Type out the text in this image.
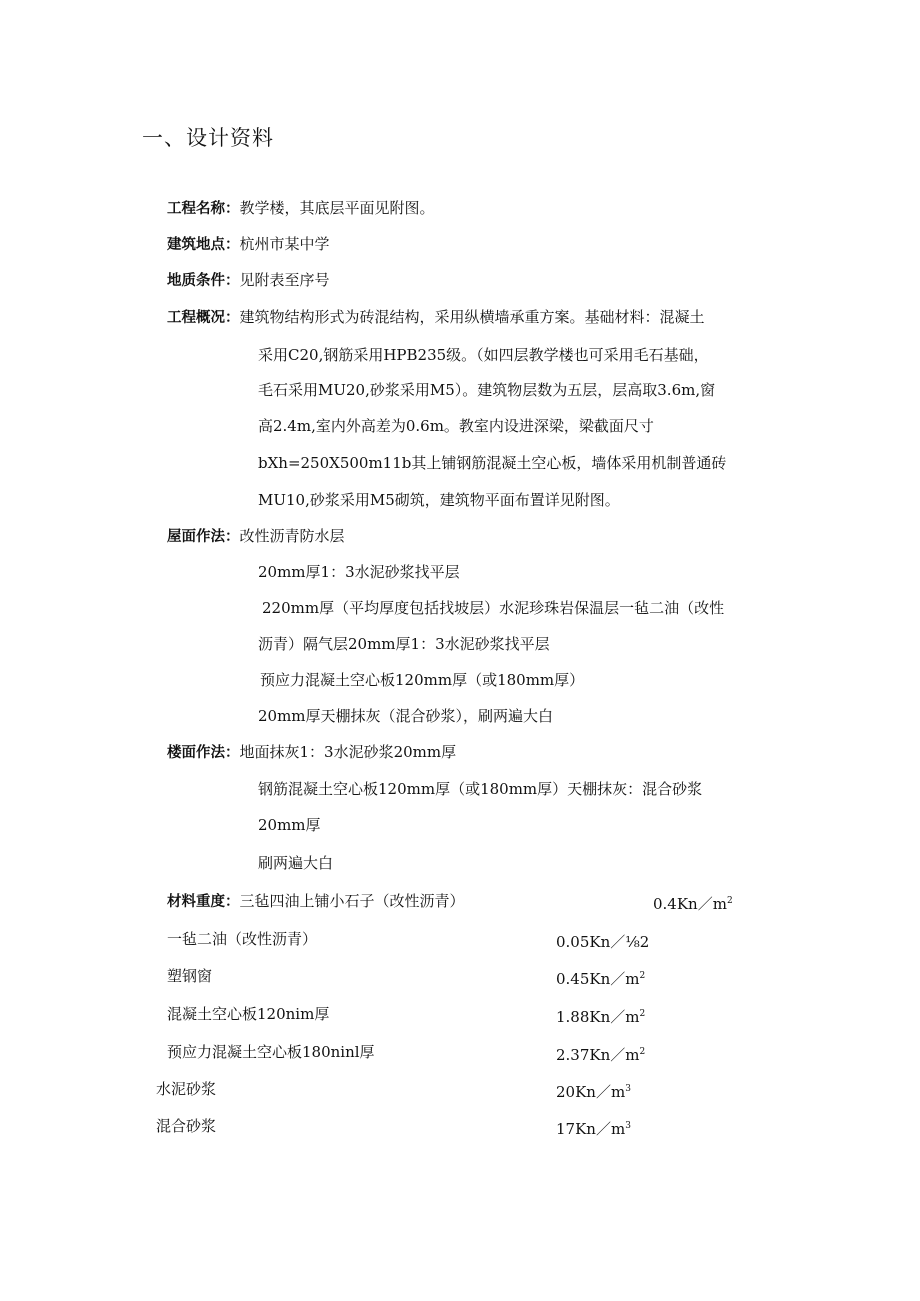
一、设计资料
工程名称：教学楼，其底层平面见附图。
建筑地点：杭州市某中学
地质条件：见附表至序号
工程概况：建筑物结构形式为砖混结构，采用纵横墙承重方案。基础材料：混凝土
采用C20,钢筋采用HPB235级。（如四层教学楼也可采用毛石基础，
毛石采用MU20,砂浆采用M5）。建筑物层数为五层，层高取3.6m,窗
高2.4m,室内外高差为0.6m。教室内设进深梁，梁截面尺寸
bXh=250X500m11b其上铺钢筋混凝土空心板，墙体采用机制普通砖
MU10,砂浆采用M5砌筑，建筑物平面布置详见附图。
屋面作法：改性沥青防水层
20mm厚1：3水泥砂浆找平层
220mm厚（平均厚度包括找坡层）水泥珍珠岩保温层一毡二油（改性
沥青）隔气层20mm厚1：3水泥砂浆找平层
预应力混凝土空心板120mm厚（或180mm厚）
20mm厚天棚抹灰（混合砂浆），刷两遍大白
楼面作法：地面抹灰1：3水泥砂浆20mm厚
钢筋混凝土空心板120mm厚（或180mm厚）天棚抹灰：混合砂浆
20mm厚
刷两遍大白
材料重度：三毡四油上铺小石子（改性沥青）	$0.4Kn/m^2$
一毡二油（改性沥青）	0.05Kn／⅛2
塑钢窗	$0.45Kn/m^2$
混凝土空心板120nim厚	$1.88Kn/m^2$
预应力混凝土空心板180ninl厚	$2.37Kn/m^2$
水泥砂浆	$20Kn/m^3$
混合砂浆	$17Kn/m^3$
